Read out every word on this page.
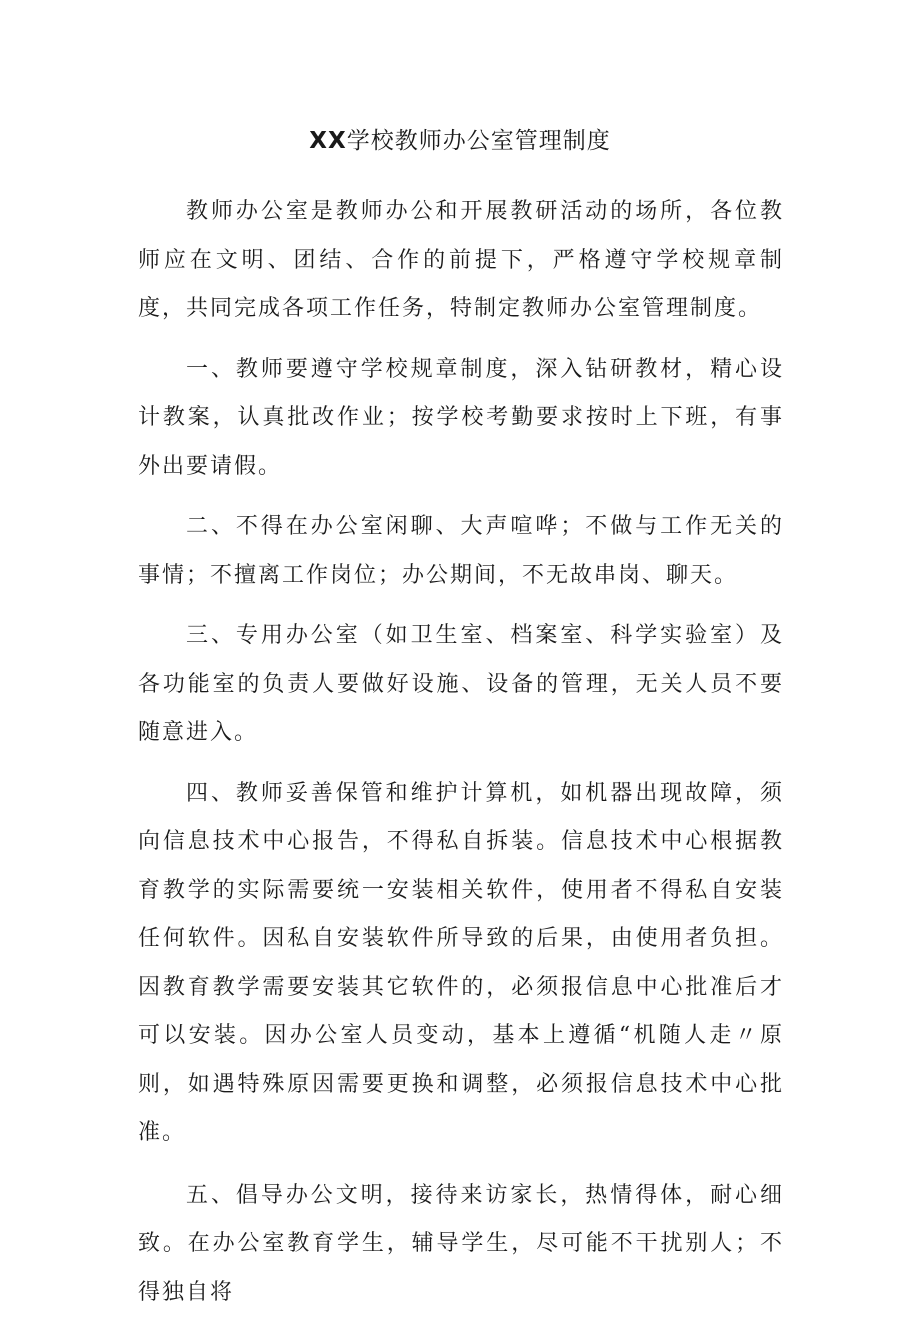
XX学校教师办公室管理制度

教师办公室是教师办公和开展教研活动的场所，各位教师应在文明、团结、合作的前提下，严格遵守学校规章制度，共同完成各项工作任务，特制定教师办公室管理制度。

一、教师要遵守学校规章制度，深入钻研教材，精心设计教案，认真批改作业；按学校考勤要求按时上下班，有事外出要请假。

二、不得在办公室闲聊、大声喧哗；不做与工作无关的事情；不擅离工作岗位；办公期间，不无故串岗、聊天。

三、专用办公室（如卫生室、档案室、科学实验室）及各功能室的负责人要做好设施、设备的管理，无关人员不要随意进入。

四、教师妥善保管和维护计算机，如机器出现故障，须向信息技术中心报告，不得私自拆装。信息技术中心根据教育教学的实际需要统一安装相关软件，使用者不得私自安装任何软件。因私自安装软件所导致的后果，由使用者负担。因教育教学需要安装其它软件的，必须报信息中心批准后才可以安装。因办公室人员变动，基本上遵循“机随人走〃原则，如遇特殊原因需要更换和调整，必须报信息技术中心批准。

五、倡导办公文明，接待来访家长，热情得体，耐心细致。在办公室教育学生，辅导学生，尽可能不干扰别人；不得独自将
